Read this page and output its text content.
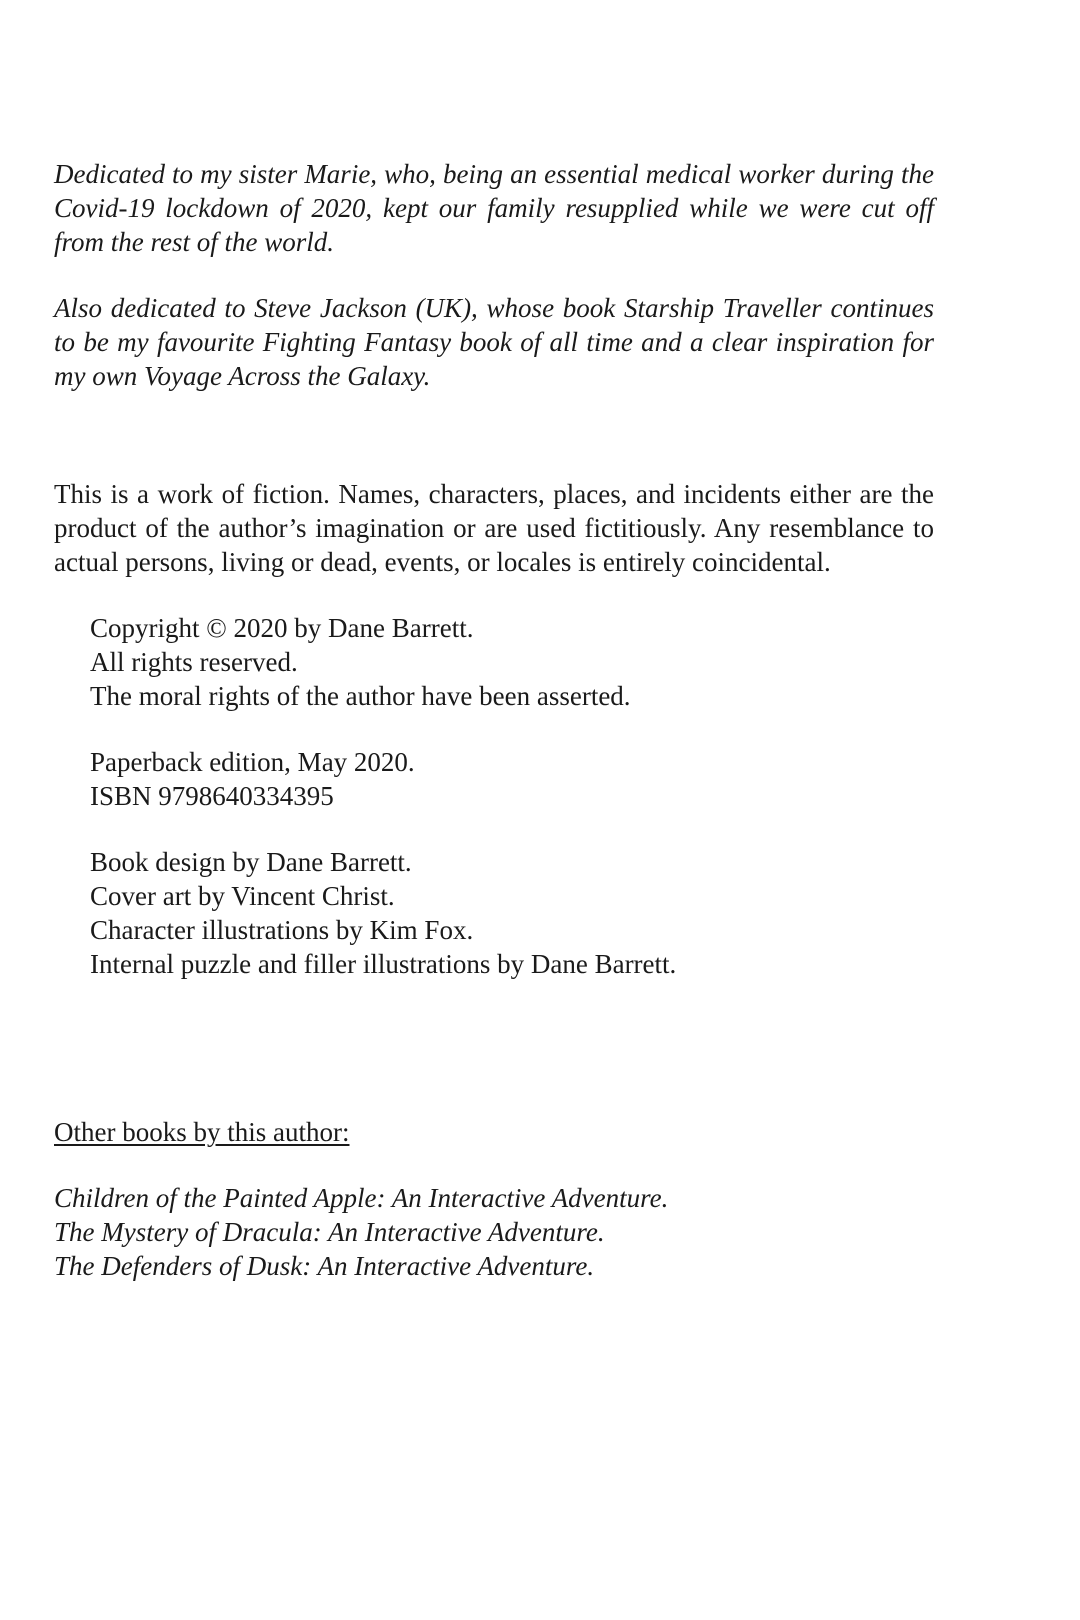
Dedicated to my sister Marie, who, being an essential medical worker during the Covid-19 lockdown of 2020, kept our family resupplied while we were cut off from the rest of the world.

Also dedicated to Steve Jackson (UK), whose book Starship Traveller continues to be my favourite Fighting Fantasy book of all time and a clear inspiration for my own Voyage Across the Galaxy.

This is a work of fiction. Names, characters, places, and incidents either are the product of the author’s imagination or are used fictitiously. Any resemblance to actual persons, living or dead, events, or locales is entirely coincidental.

Copyright © 2020 by Dane Barrett.
All rights reserved.
The moral rights of the author have been asserted.
Paperback edition, May 2020.
ISBN 9798640334395
Book design by Dane Barrett.
Cover art by Vincent Christ.
Character illustrations by Kim Fox.
Internal puzzle and filler illustrations by Dane Barrett.
Other books by this author:
Children of the Painted Apple: An Interactive Adventure.
The Mystery of Dracula: An Interactive Adventure.
The Defenders of Dusk: An Interactive Adventure.
